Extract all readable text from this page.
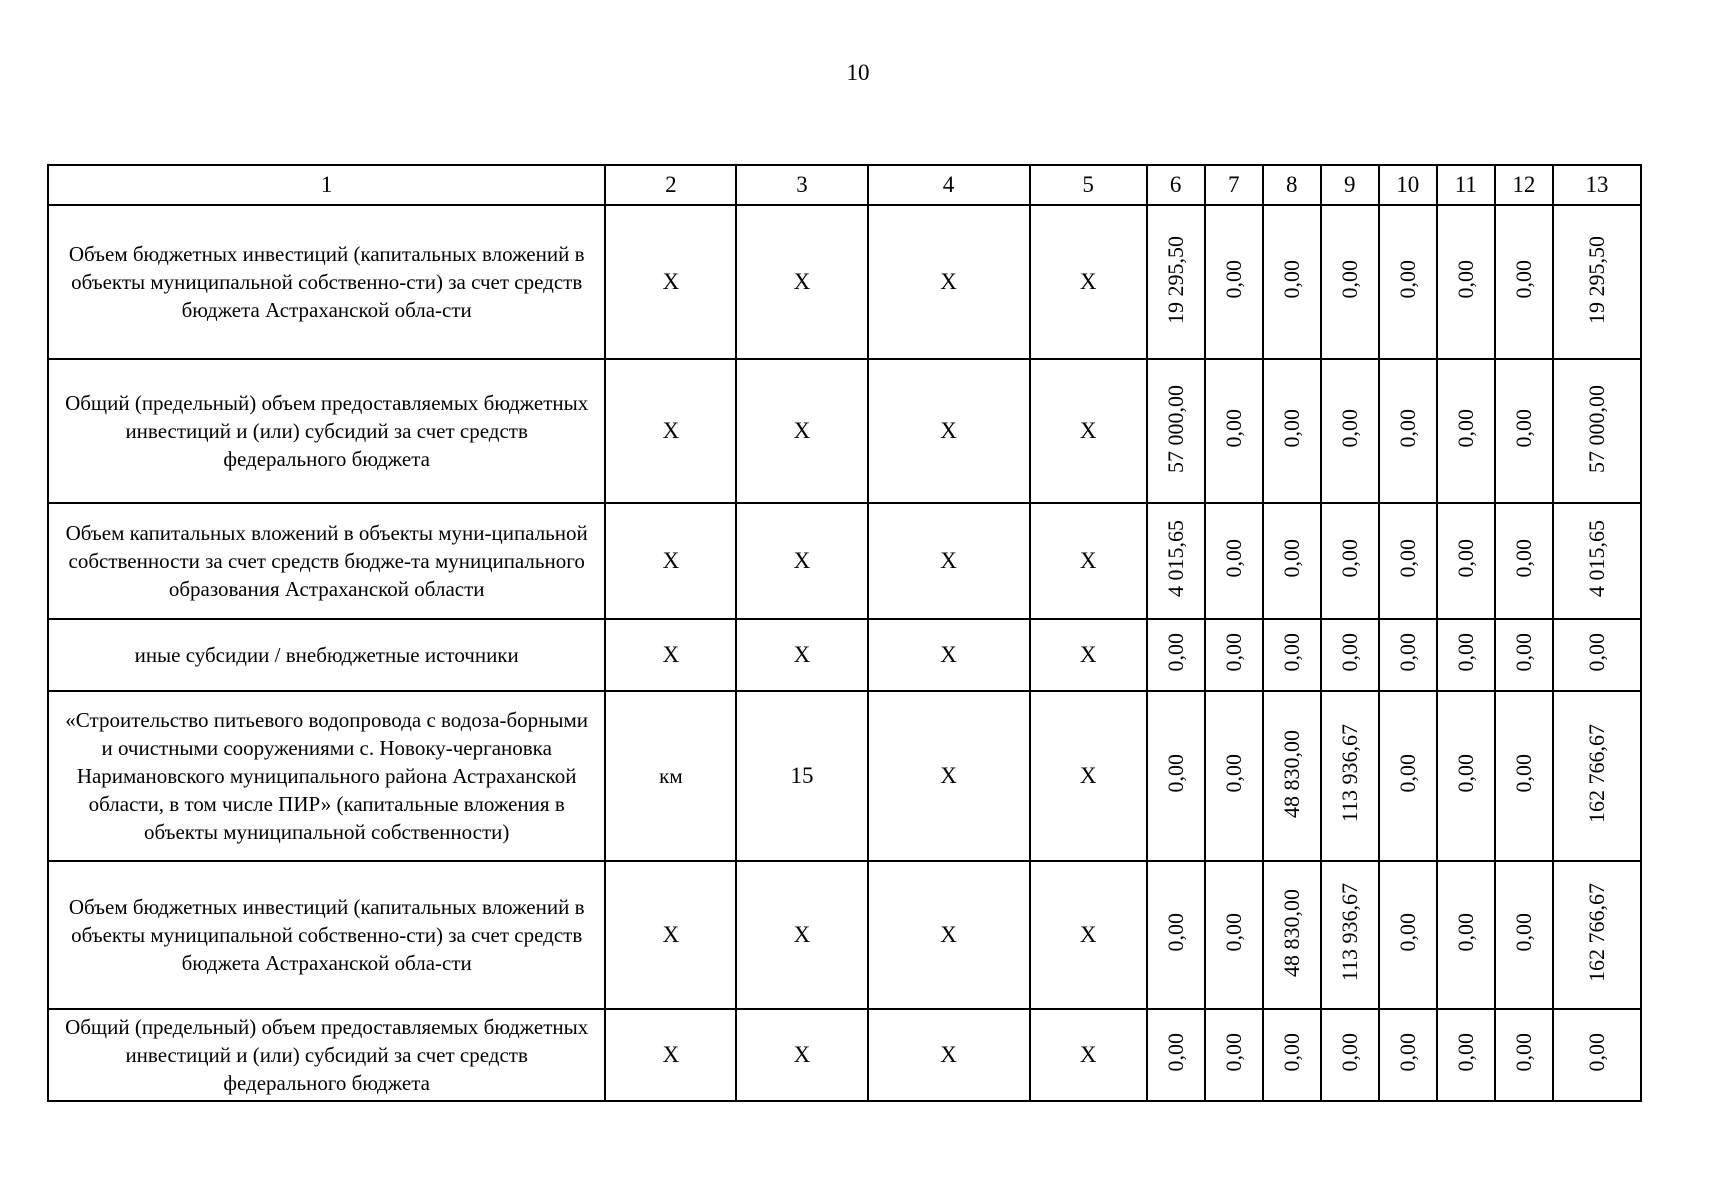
10
1	2	3	4	5	6	7	8	9	10	11	12	13
Объем бюджетных инвестиций (капитальных вложений в объекты муниципальной собственно-сти) за счет средств бюджета Астраханской обла-сти	X	X	X	X	19 295,50	0,00	0,00	0,00	0,00	0,00	0,00	19 295,50
Общий (предельный) объем предоставляемых бюджетных инвестиций и (или) субсидий за счет средств федерального бюджета	X	X	X	X	57 000,00	0,00	0,00	0,00	0,00	0,00	0,00	57 000,00
Объем капитальных вложений в объекты муни-ципальной собственности за счет средств бюдже-та муниципального образования Астраханской области	X	X	X	X	4 015,65	0,00	0,00	0,00	0,00	0,00	0,00	4 015,65
иные субсидии / внебюджетные источники	X	X	X	X	0,00	0,00	0,00	0,00	0,00	0,00	0,00	0,00
«Строительство питьевого водопровода с водоза-борными и очистными сооружениями с. Новоку-черганoвка Наримановского муниципального района Астраханской области, в том числе ПИР» (капитальные вложения в объекты муниципальной собственности)	км	15	X	X	0,00	0,00	48 830,00	113 936,67	0,00	0,00	0,00	162 766,67
Объем бюджетных инвестиций (капитальных вложений в объекты муниципальной собственно-сти) за счет средств бюджета Астраханской обла-сти	X	X	X	X	0,00	0,00	48 830,00	113 936,67	0,00	0,00	0,00	162 766,67
Общий (предельный) объем предоставляемых бюджетных инвестиций и (или) субсидий за счет средств федерального бюджета	X	X	X	X	0,00	0,00	0,00	0,00	0,00	0,00	0,00	0,00
